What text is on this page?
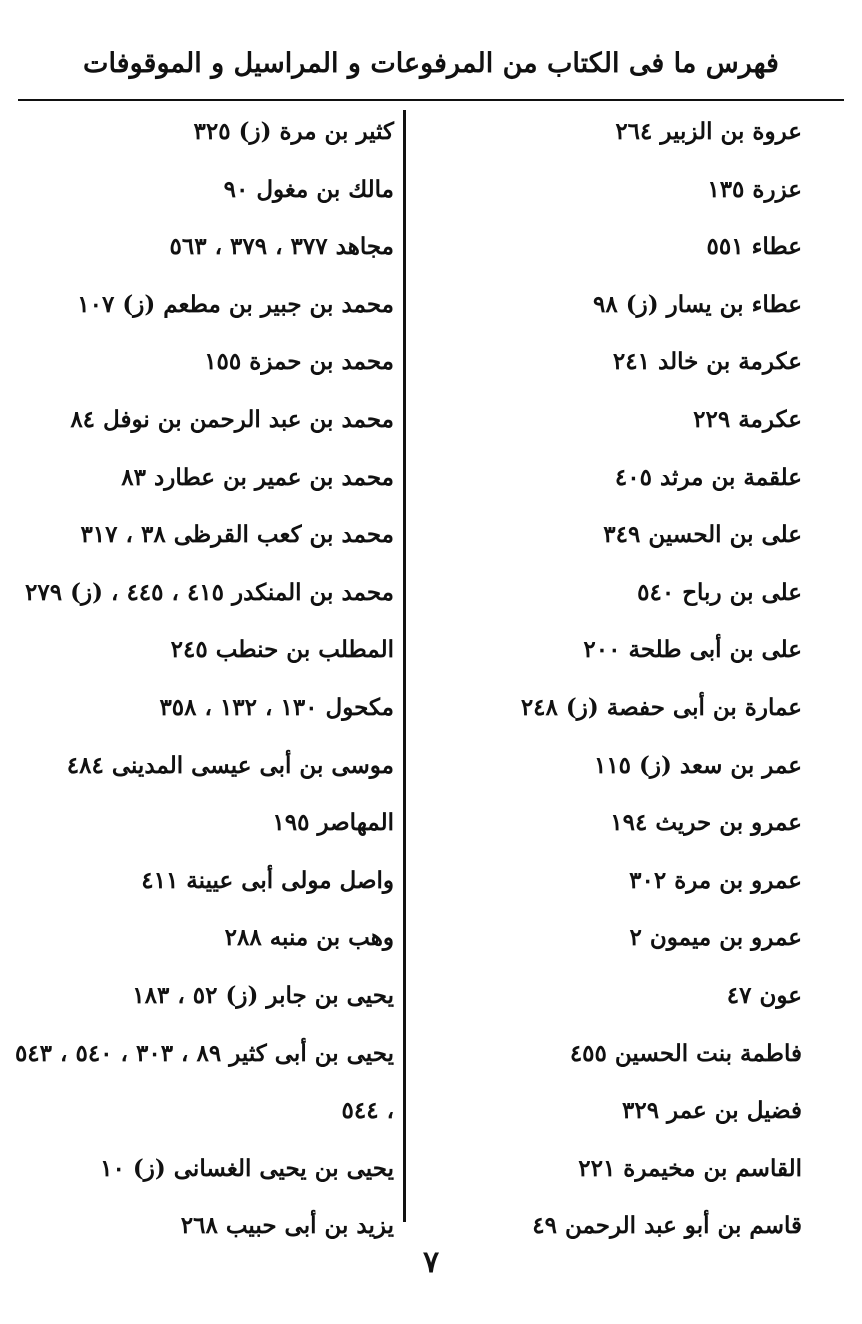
فهرس ما فى الكتاب من المرفوعات و المراسيل و الموقوفات
عروة بن الزبير ٢٦٤
عزرة ١٣٥
عطاء ٥٥١
عطاء بن يسار (ز) ٩٨
عكرمة بن خالد ٢٤١
عكرمة ٢٢٩
علقمة بن مرثد ٤٠٥
على بن الحسين ٣٤٩
على بن رباح ٥٤٠
على بن أبى طلحة ٢٠٠
عمارة بن أبى حفصة (ز) ٢٤٨
عمر بن سعد (ز) ١١٥
عمرو بن حريث ١٩٤
عمرو بن مرة ٣٠٢
عمرو بن ميمون ٢
عون ٤٧
فاطمة بنت الحسين ٤٥٥
فضيل بن عمر ٣٢٩
القاسم بن مخيمرة ٢٢١
قاسم بن أبو عبد الرحمن ٤٩
كثير بن مرة (ز) ٣٢٥
مالك بن مغول ٩٠
مجاهد ٣٧٧ ، ٣٧٩ ، ٥٦٣
محمد بن جبير بن مطعم (ز) ١٠٧
محمد بن حمزة ١٥٥
محمد بن عبد الرحمن بن نوفل ٨٤
محمد بن عمير بن عطارد ٨٣
محمد بن كعب القرظى ٣٨ ، ٣١٧
محمد بن المنكدر ٤١٥ ، ٤٤٥ ، (ز) ٢٧٩
المطلب بن حنطب ٢٤٥
مكحول ١٣٠ ، ١٣٢ ، ٣٥٨
موسى بن أبى عيسى المدينى ٤٨٤
المهاصر ١٩٥
واصل مولى أبى عيينة ٤١١
وهب بن منبه ٢٨٨
يحيى بن جابر (ز) ٥٢ ، ١٨٣
يحيى بن أبى كثير ٨٩ ، ٣٠٣ ، ٥٤٠ ، ٥٤٣
، ٥٤٤
يحيى بن يحيى الغسانى (ز) ١٠
يزيد بن أبى حبيب ٢٦٨
٧
